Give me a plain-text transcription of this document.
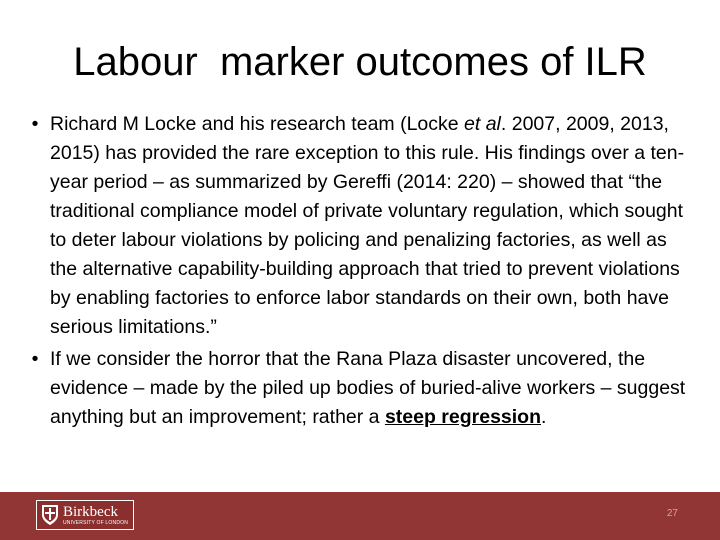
Labour  marker outcomes of ILR
• Richard M Locke and his research team (Locke et al. 2007, 2009, 2013, 2015) has provided the rare exception to this rule. His findings over a ten-year period – as summarized by Gereffi (2014: 220) – showed that “the traditional compliance model of private voluntary regulation, which sought to deter labour violations by policing and penalizing factories, as well as the alternative capability-building approach that tried to prevent violations by enabling factories to enforce labor standards on their own, both have serious limitations.”
• If we consider the horror that the Rana Plaza disaster uncovered, the evidence – made by the piled up bodies of buried-alive workers – suggest anything but an improvement; rather a steep regression.
Birkbeck
UNIVERSITY OF LONDON
27
